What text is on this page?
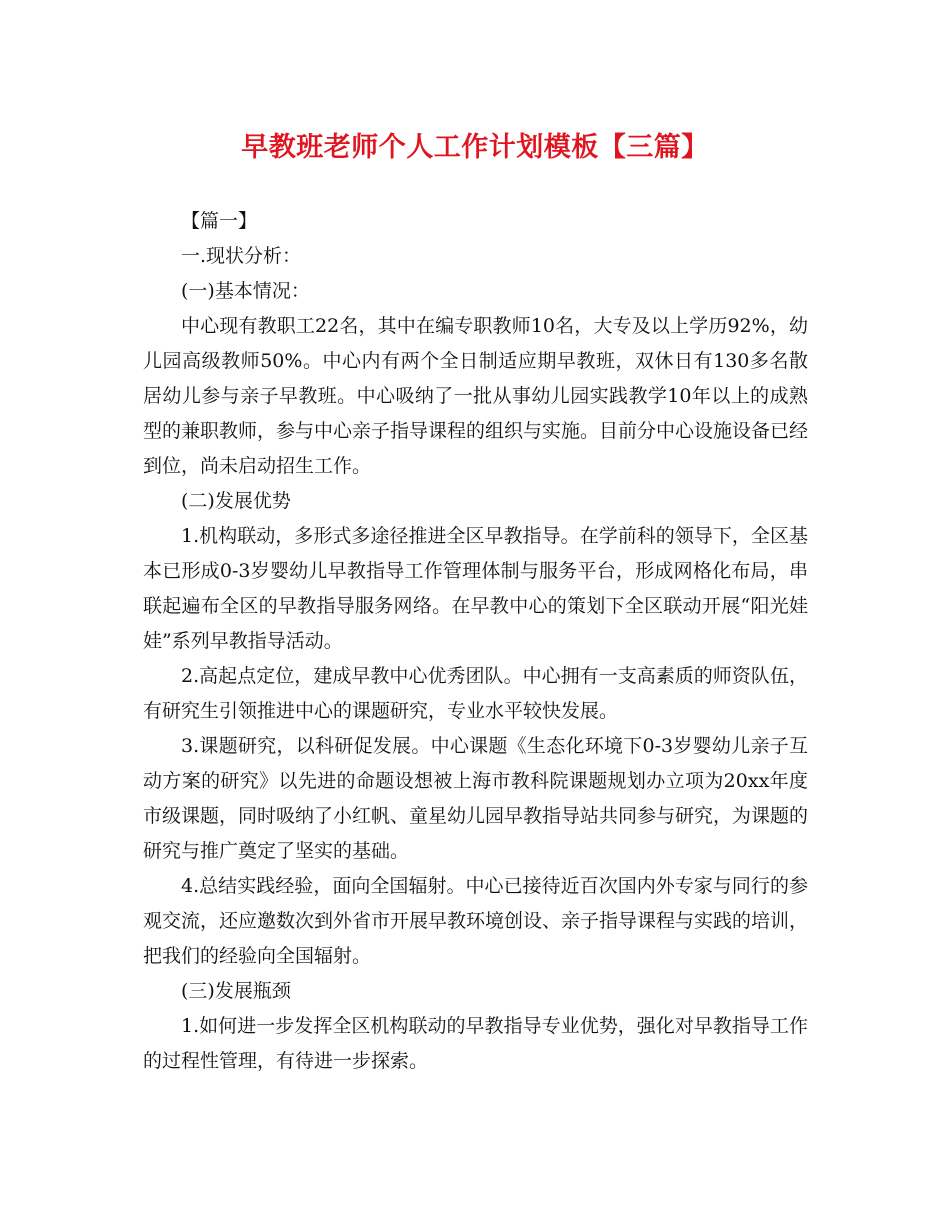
早教班老师个人工作计划模板【三篇】

【篇一】

一.现状分析：

(一)基本情况：

中心现有教职工22名，其中在编专职教师10名，大专及以上学历92%，幼儿园高级教师50%。中心内有两个全日制适应期早教班，双休日有130多名散居幼儿参与亲子早教班。中心吸纳了一批从事幼儿园实践教学10年以上的成熟型的兼职教师，参与中心亲子指导课程的组织与实施。目前分中心设施设备已经到位，尚未启动招生工作。

(二)发展优势

1.机构联动，多形式多途径推进全区早教指导。在学前科的领导下，全区基本已形成0-3岁婴幼儿早教指导工作管理体制与服务平台，形成网格化布局，串联起遍布全区的早教指导服务网络。在早教中心的策划下全区联动开展“阳光娃娃”系列早教指导活动。

2.高起点定位，建成早教中心优秀团队。中心拥有一支高素质的师资队伍，有研究生引领推进中心的课题研究，专业水平较快发展。

3.课题研究，以科研促发展。中心课题《生态化环境下0-3岁婴幼儿亲子互动方案的研究》以先进的命题设想被上海市教科院课题规划办立项为20xx年度市级课题，同时吸纳了小红帆、童星幼儿园早教指导站共同参与研究，为课题的研究与推广奠定了坚实的基础。

4.总结实践经验，面向全国辐射。中心已接待近百次国内外专家与同行的参观交流，还应邀数次到外省市开展早教环境创设、亲子指导课程与实践的培训，把我们的经验向全国辐射。

(三)发展瓶颈

1.如何进一步发挥全区机构联动的早教指导专业优势，强化对早教指导工作的过程性管理，有待进一步探索。
